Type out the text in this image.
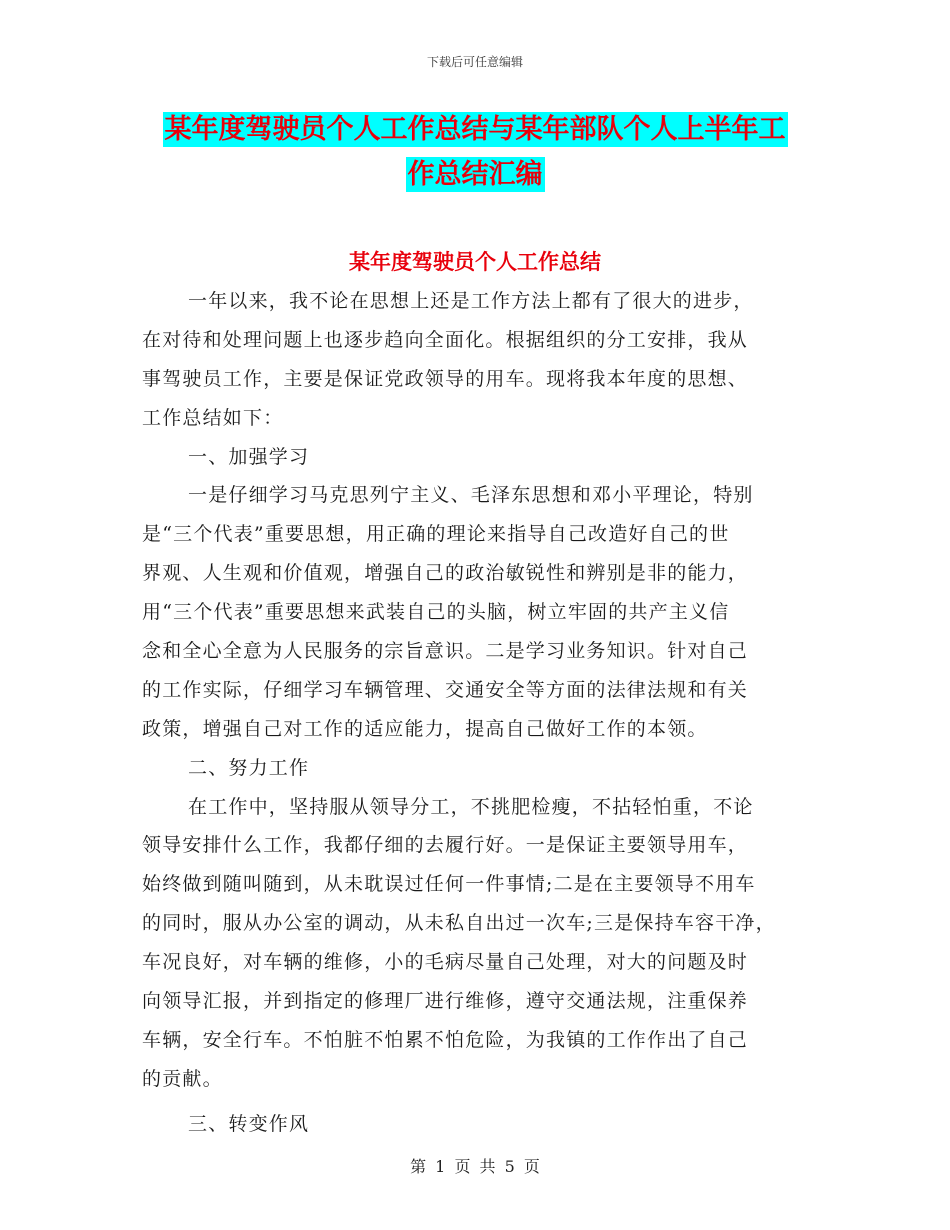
下载后可任意编辑
某年度驾驶员个人工作总结与某年部队个人上半年工
作总结汇编
某年度驾驶员个人工作总结
一年以来，我不论在思想上还是工作方法上都有了很大的进步，
在对待和处理问题上也逐步趋向全面化。根据组织的分工安排，我从
事驾驶员工作，主要是保证党政领导的用车。现将我本年度的思想、
工作总结如下：
一、加强学习
一是仔细学习马克思列宁主义、毛泽东思想和邓小平理论，特别
是“三个代表”重要思想，用正确的理论来指导自己改造好自己的世
界观、人生观和价值观，增强自己的政治敏锐性和辨别是非的能力，
用“三个代表”重要思想来武装自己的头脑，树立牢固的共产主义信
念和全心全意为人民服务的宗旨意识。二是学习业务知识。针对自己
的工作实际，仔细学习车辆管理、交通安全等方面的法律法规和有关
政策，增强自己对工作的适应能力，提高自己做好工作的本领。
二、努力工作
在工作中，坚持服从领导分工，不挑肥检瘦，不拈轻怕重，不论
领导安排什么工作，我都仔细的去履行好。一是保证主要领导用车，
始终做到随叫随到，从未耽误过任何一件事情;二是在主要领导不用车
的同时，服从办公室的调动，从未私自出过一次车;三是保持车容干净，
车况良好，对车辆的维修，小的毛病尽量自己处理，对大的问题及时
向领导汇报，并到指定的修理厂进行维修，遵守交通法规，注重保养
车辆，安全行车。不怕脏不怕累不怕危险，为我镇的工作作出了自己
的贡献。
三、转变作风
第 1 页 共 5 页
